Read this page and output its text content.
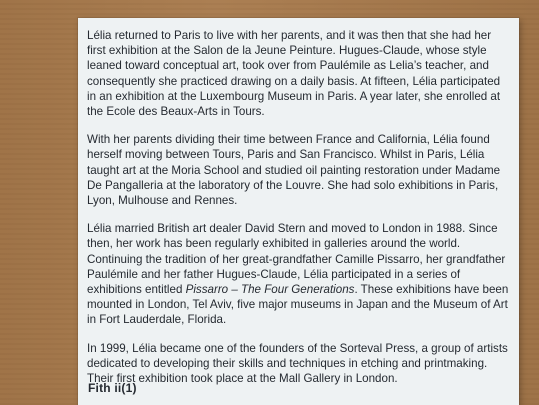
Lélia returned to Paris to live with her parents, and it was then that she had her first exhibition at the Salon de la Jeune Peinture. Hugues-Claude, whose style leaned toward conceptual art, took over from Paulémile as Lelia’s teacher, and consequently she practiced drawing on a daily basis. At fifteen, Lélia participated in an exhibition at the Luxembourg Museum in Paris. A year later, she enrolled at the Ecole des Beaux-Arts in Tours.

With her parents dividing their time between France and California, Lélia found herself moving between Tours, Paris and San Francisco. Whilst in Paris, Lélia taught art at the Moria School and studied oil painting restoration under Madame De Pangalleria at the laboratory of the Louvre. She had solo exhibitions in Paris, Lyon, Mulhouse and Rennes.

Lélia married British art dealer David Stern and moved to London in 1988. Since then, her work has been regularly exhibited in galleries around the world. Continuing the tradition of her great-grandfather Camille Pissarro, her grandfather Paulémile and her father Hugues-Claude, Lélia participated in a series of exhibitions entitled Pissarro – The Four Generations. These exhibitions have been mounted in London, Tel Aviv, five major museums in Japan and the Museum of Art in Fort Lauderdale, Florida.

In 1999, Lélia became one of the founders of the Sorteval Press, a group of artists dedicated to developing their skills and techniques in etching and printmaking. Their first exhibition took place at the Mall Gallery in London.

Fith ii(1)
